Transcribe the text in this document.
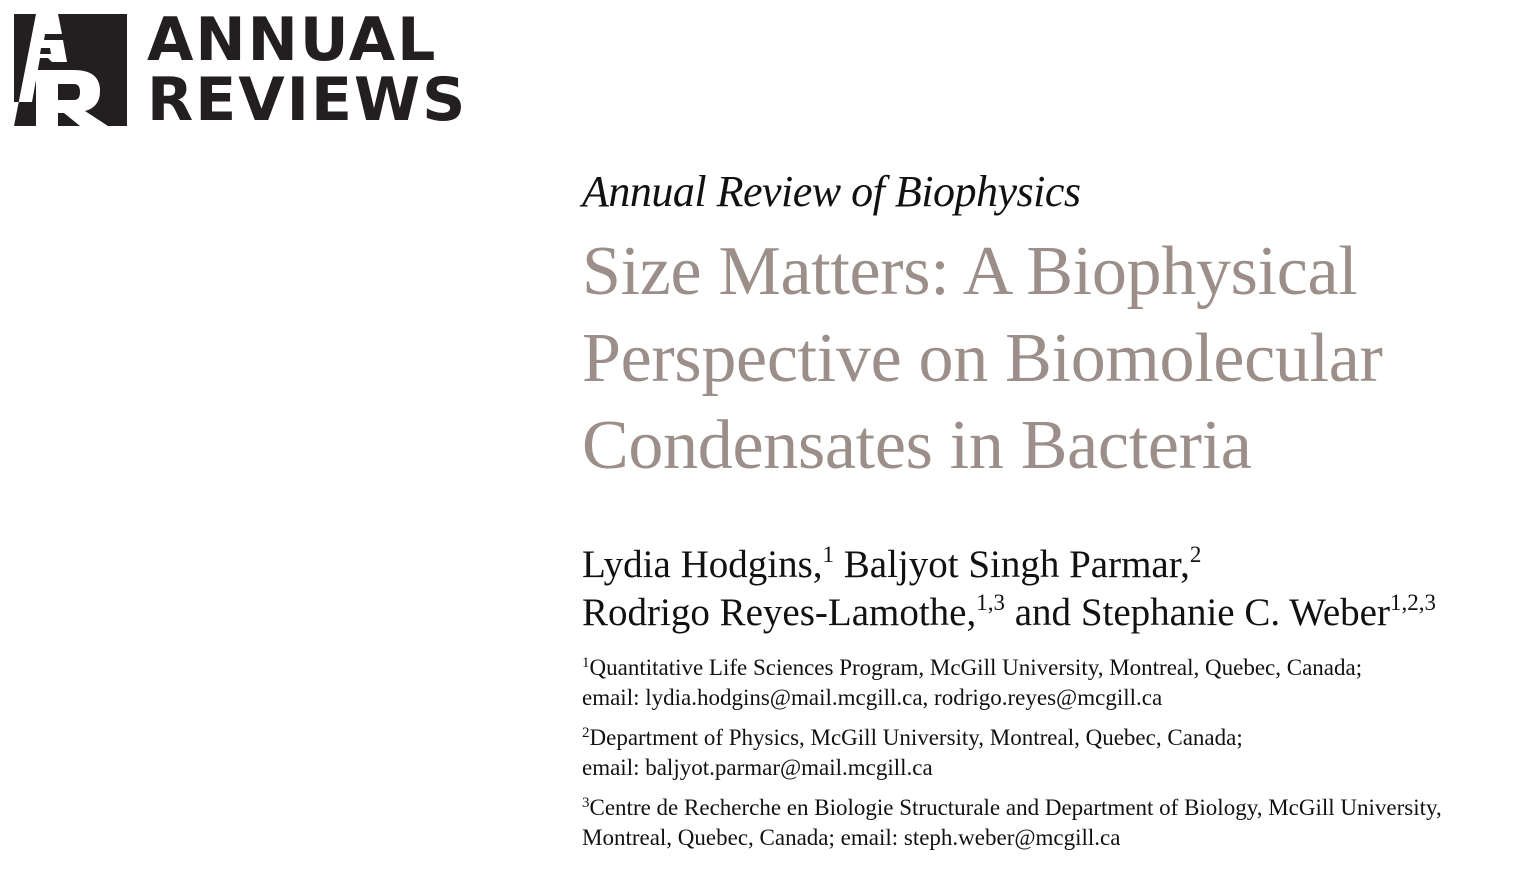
ANNUAL
REVIEWS

Annual Review of Biophysics

Size Matters: A Biophysical
Perspective on Biomolecular
Condensates in Bacteria
Lydia Hodgins,$^1$ Baljyot Singh Parmar,$^2$
Rodrigo Reyes-Lamothe,$^{1,3}$ and Stephanie C. Weber$^{1,2,3}$
$^1$Quantitative Life Sciences Program, McGill University, Montreal, Quebec, Canada;
email: lydia.hodgins@mail.mcgill.ca, rodrigo.reyes@mcgill.ca
$^2$Department of Physics, McGill University, Montreal, Quebec, Canada;
email: baljyot.parmar@mail.mcgill.ca
$^3$Centre de Recherche en Biologie Structurale and Department of Biology, McGill University,
Montreal, Quebec, Canada; email: steph.weber@mcgill.ca
